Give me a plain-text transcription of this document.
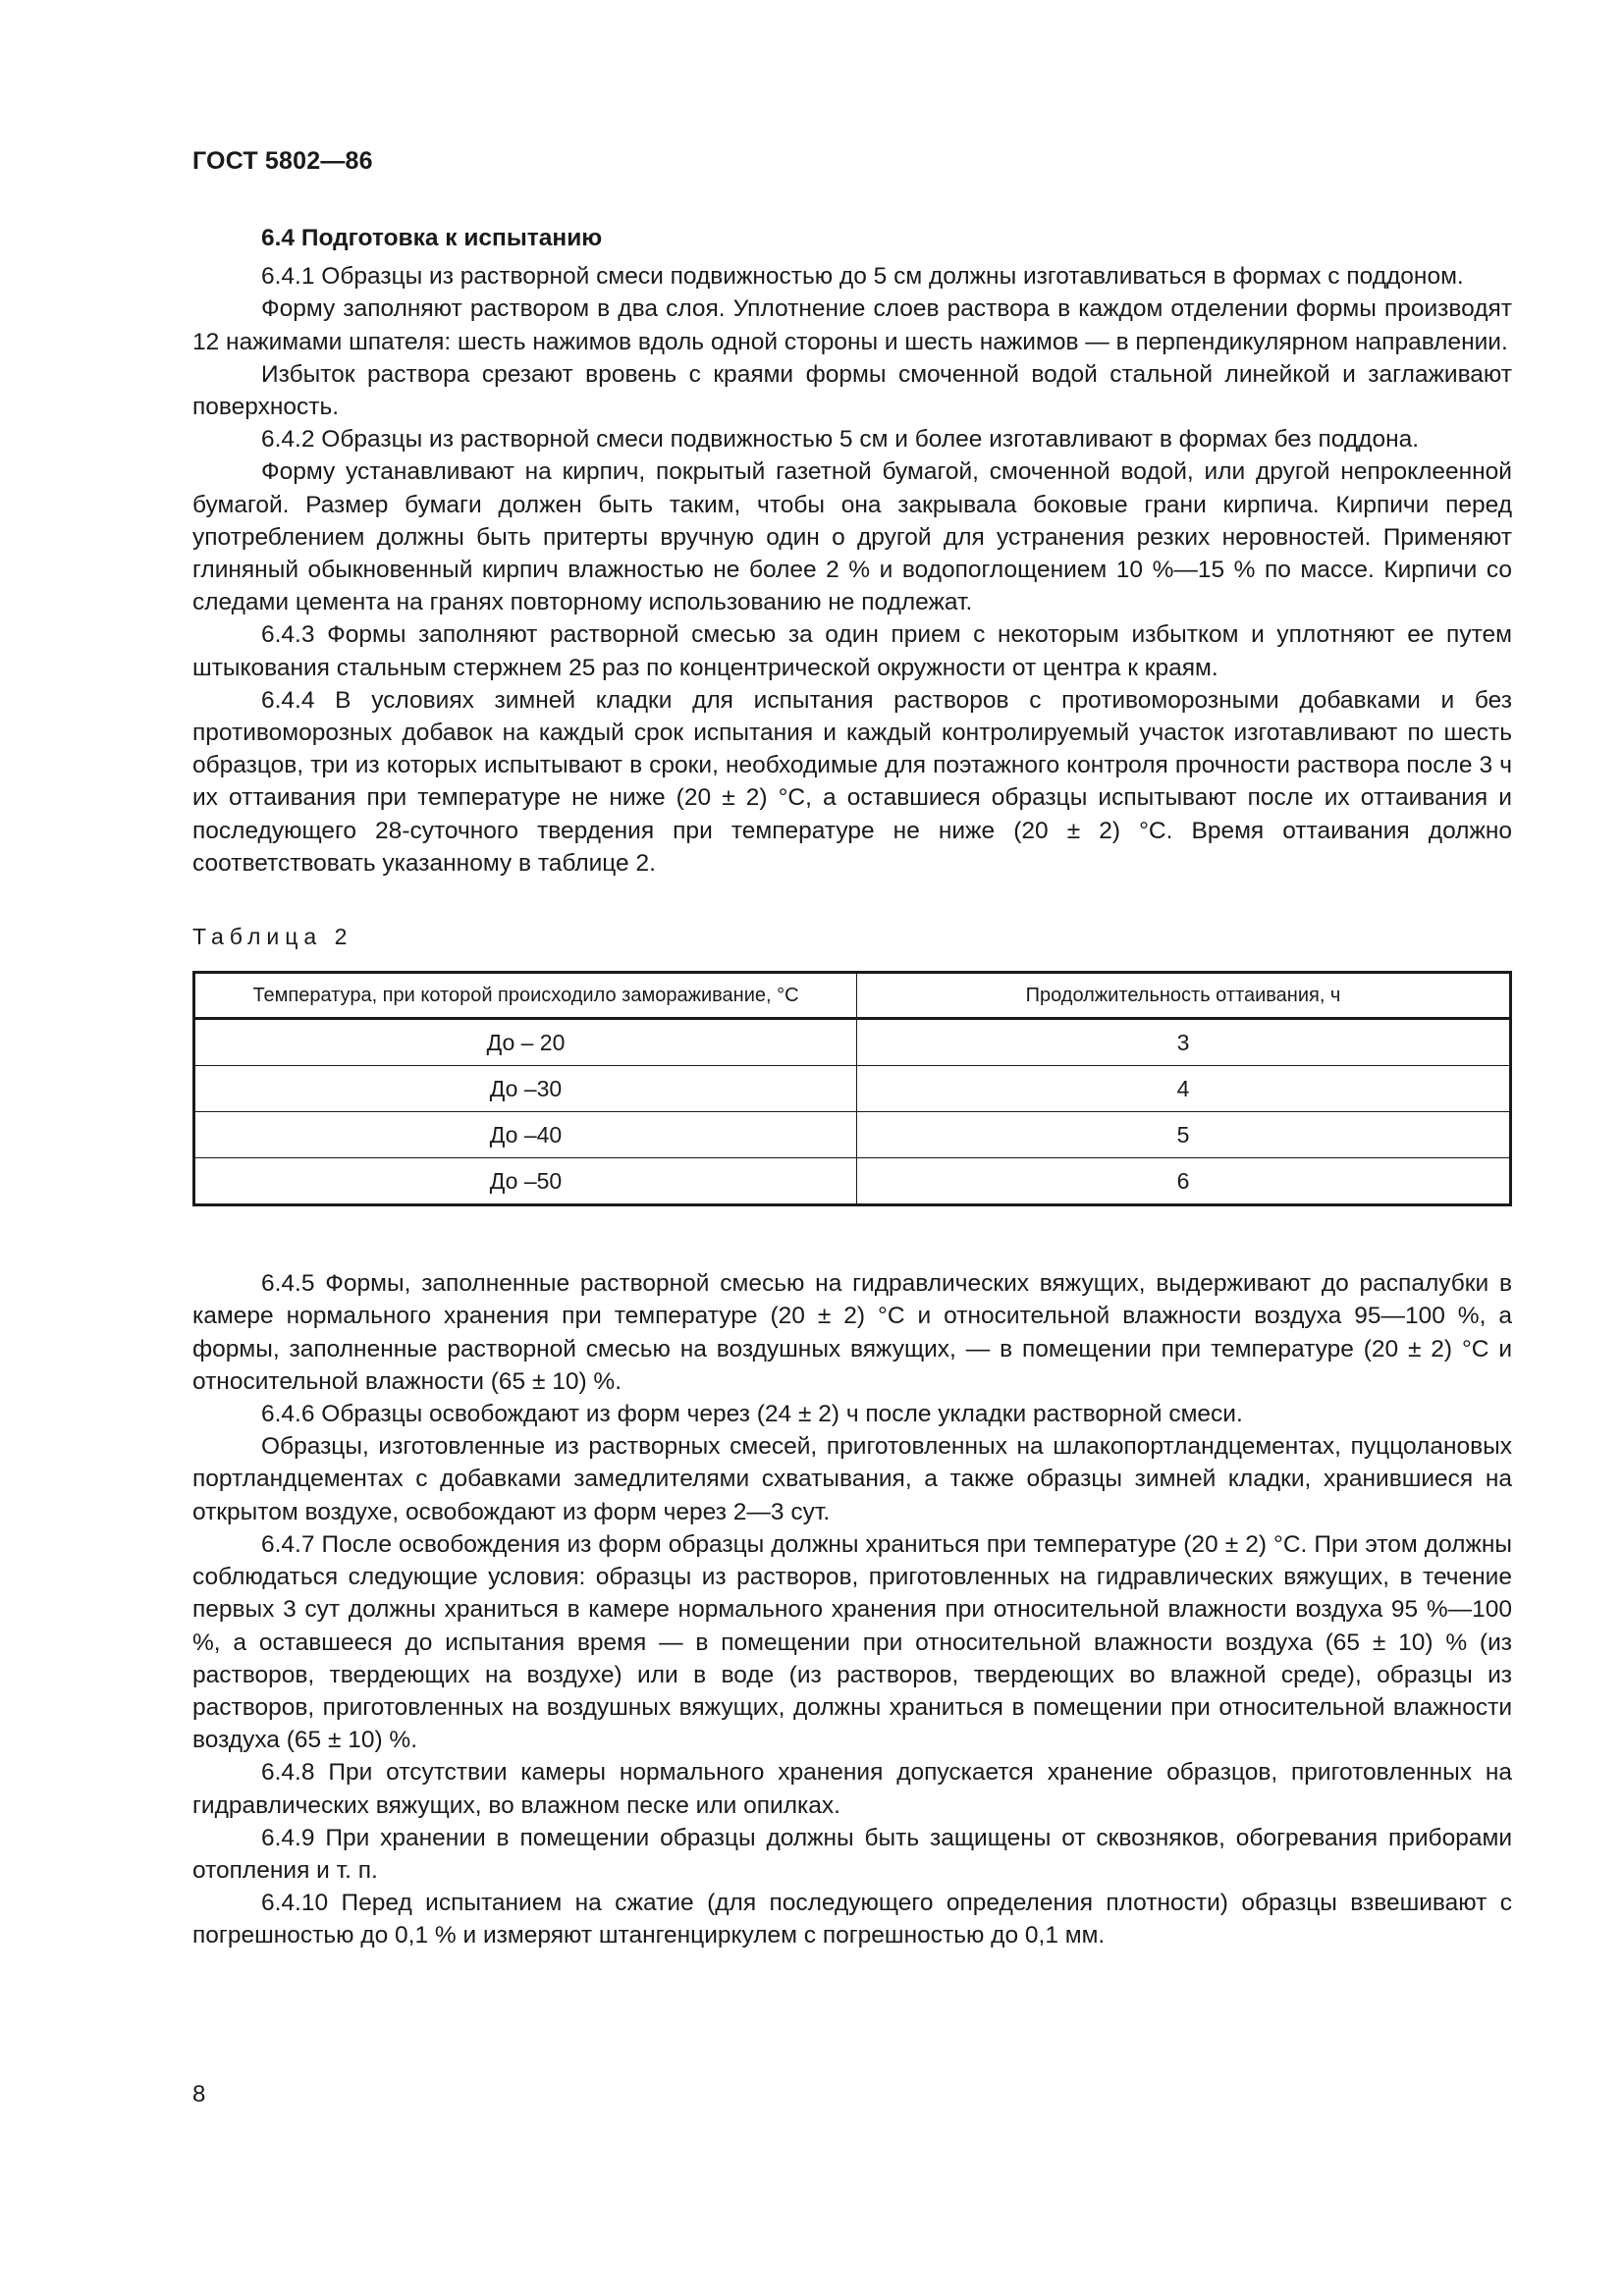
ГОСТ 5802—86
6.4 Подготовка к испытанию

6.4.1 Образцы из растворной смеси подвижностью до 5 см должны изготавливаться в формах с поддоном.

Форму заполняют раствором в два слоя. Уплотнение слоев раствора в каждом отделении формы производят 12 нажимами шпателя: шесть нажимов вдоль одной стороны и шесть нажимов — в перпендикулярном направлении.

Избыток раствора срезают вровень с краями формы смоченной водой стальной линейкой и заглаживают поверхность.

6.4.2 Образцы из растворной смеси подвижностью 5 см и более изготавливают в формах без поддона.

Форму устанавливают на кирпич, покрытый газетной бумагой, смоченной водой, или другой непроклеенной бумагой. Размер бумаги должен быть таким, чтобы она закрывала боковые грани кирпича. Кирпичи перед употреблением должны быть притерты вручную один о другой для устранения резких неровностей. Применяют глиняный обыкновенный кирпич влажностью не более 2 % и водопоглощением 10 %—15 % по массе. Кирпичи со следами цемента на гранях повторному использованию не подлежат.

6.4.3 Формы заполняют растворной смесью за один прием с некоторым избытком и уплотняют ее путем штыкования стальным стержнем 25 раз по концентрической окружности от центра к краям.

6.4.4 В условиях зимней кладки для испытания растворов с противоморозными добавками и без противоморозных добавок на каждый срок испытания и каждый контролируемый участок изготавливают по шесть образцов, три из которых испытывают в сроки, необходимые для поэтажного контроля прочности раствора после 3 ч их оттаивания при температуре не ниже (20 ± 2) °С, а оставшиеся образцы испытывают после их оттаивания и последующего 28-суточного твердения при температуре не ниже (20 ± 2) °С. Время оттаивания должно соответствовать указанному в таблице 2.

Таблица 2
Температура, при которой происходило замораживание, °С	Продолжительность оттаивания, ч
До – 20	3
До –30	4
До –40	5
До –50	6

6.4.5 Формы, заполненные растворной смесью на гидравлических вяжущих, выдерживают до распалубки в камере нормального хранения при температуре (20 ± 2) °С и относительной влажности воздуха 95—100 %, а формы, заполненные растворной смесью на воздушных вяжущих, — в помещении при температуре (20 ± 2) °С и относительной влажности (65 ± 10) %.

6.4.6 Образцы освобождают из форм через (24 ± 2) ч после укладки растворной смеси.

Образцы, изготовленные из растворных смесей, приготовленных на шлакопортландцементах, пуццолановых портландцементах с добавками замедлителями схватывания, а также образцы зимней кладки, хранившиеся на открытом воздухе, освобождают из форм через 2—3 сут.

6.4.7 После освобождения из форм образцы должны храниться при температуре (20 ± 2) °С. При этом должны соблюдаться следующие условия: образцы из растворов, приготовленных на гидравлических вяжущих, в течение первых 3 сут должны храниться в камере нормального хранения при относительной влажности воздуха 95 %—100 %, а оставшееся до испытания время — в помещении при относительной влажности воздуха (65 ± 10) % (из растворов, твердеющих на воздухе) или в воде (из растворов, твердеющих во влажной среде), образцы из растворов, приготовленных на воздушных вяжущих, должны храниться в помещении при относительной влажности воздуха (65 ± 10) %.

6.4.8 При отсутствии камеры нормального хранения допускается хранение образцов, приготовленных на гидравлических вяжущих, во влажном песке или опилках.

6.4.9 При хранении в помещении образцы должны быть защищены от сквозняков, обогревания приборами отопления и т. п.

6.4.10 Перед испытанием на сжатие (для последующего определения плотности) образцы взвешивают с погрешностью до 0,1 % и измеряют штангенциркулем с погрешностью до 0,1 мм.

8
